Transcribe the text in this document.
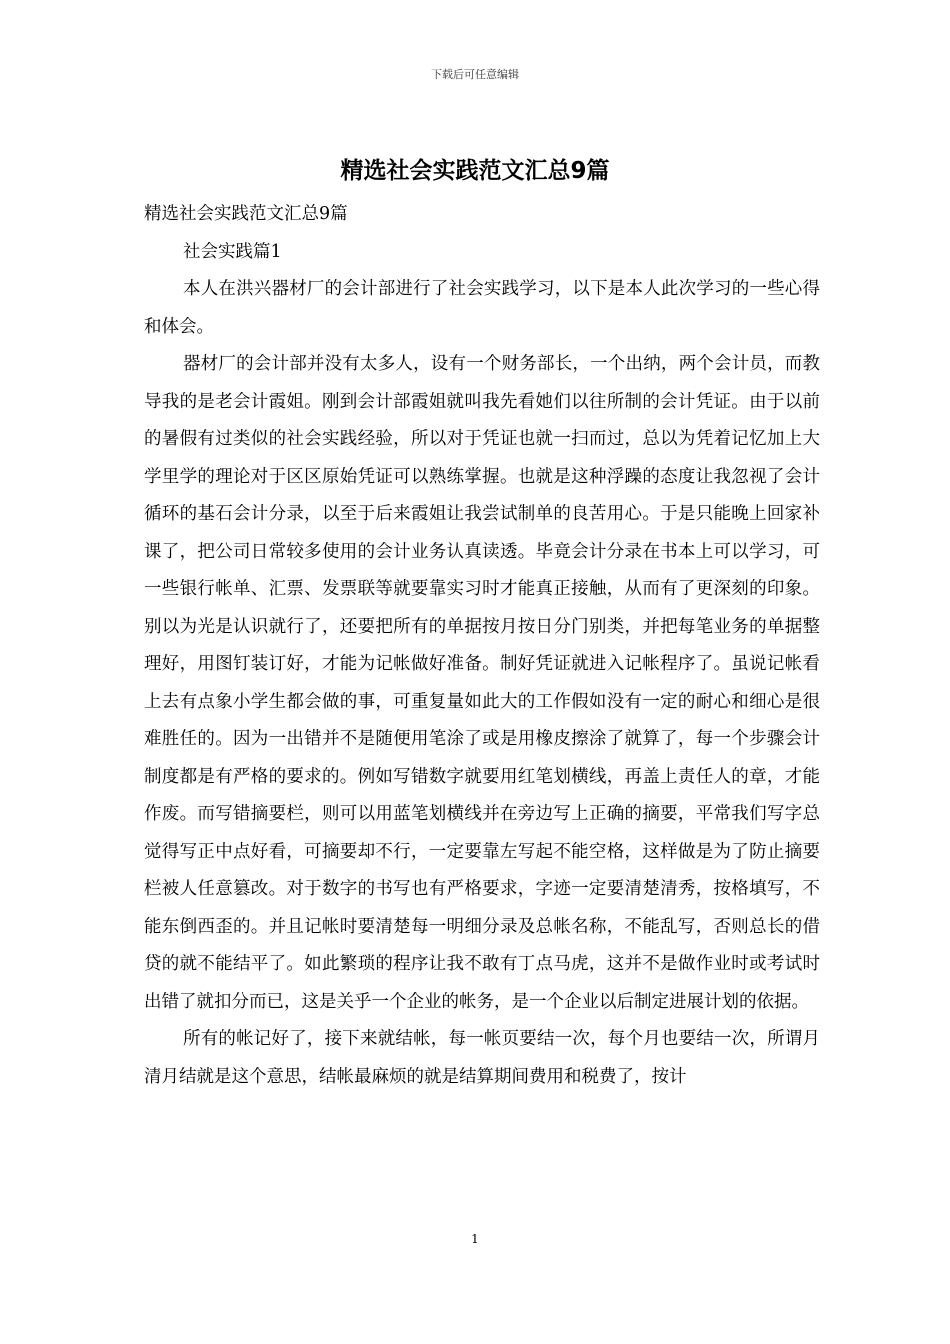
下载后可任意编辑
精选社会实践范文汇总9篇

精选社会实践范文汇总9篇

社会实践篇1

本人在洪兴器材厂的会计部进行了社会实践学习，以下是本人此次学习的一些心得和体会。

器材厂的会计部并没有太多人，设有一个财务部长，一个出纳，两个会计员，而教导我的是老会计霞姐。刚到会计部霞姐就叫我先看她们以往所制的会计凭证。由于以前的暑假有过类似的社会实践经验，所以对于凭证也就一扫而过，总以为凭着记忆加上大学里学的理论对于区区原始凭证可以熟练掌握。也就是这种浮躁的态度让我忽视了会计循环的基石会计分录，以至于后来霞姐让我尝试制单的良苦用心。于是只能晚上回家补课了，把公司日常较多使用的会计业务认真读透。毕竟会计分录在书本上可以学习，可一些银行帐单、汇票、发票联等就要靠实习时才能真正接触，从而有了更深刻的印象。别以为光是认识就行了，还要把所有的单据按月按日分门别类，并把每笔业务的单据整理好，用图钉装订好，才能为记帐做好准备。制好凭证就进入记帐程序了。虽说记帐看上去有点象小学生都会做的事，可重复量如此大的工作假如没有一定的耐心和细心是很难胜任的。因为一出错并不是随便用笔涂了或是用橡皮擦涂了就算了，每一个步骤会计制度都是有严格的要求的。例如写错数字就要用红笔划横线，再盖上责任人的章，才能作废。而写错摘要栏，则可以用蓝笔划横线并在旁边写上正确的摘要，平常我们写字总觉得写正中点好看，可摘要却不行，一定要靠左写起不能空格，这样做是为了防止摘要栏被人任意篡改。对于数字的书写也有严格要求，字迹一定要清楚清秀，按格填写，不能东倒西歪的。并且记帐时要清楚每一明细分录及总帐名称，不能乱写，否则总长的借贷的就不能结平了。如此繁琐的程序让我不敢有丁点马虎，这并不是做作业时或考试时出错了就扣分而已，这是关乎一个企业的帐务，是一个企业以后制定进展计划的依据。

所有的帐记好了，接下来就结帐，每一帐页要结一次，每个月也要结一次，所谓月清月结就是这个意思，结帐最麻烦的就是结算期间费用和税费了，按计

1
